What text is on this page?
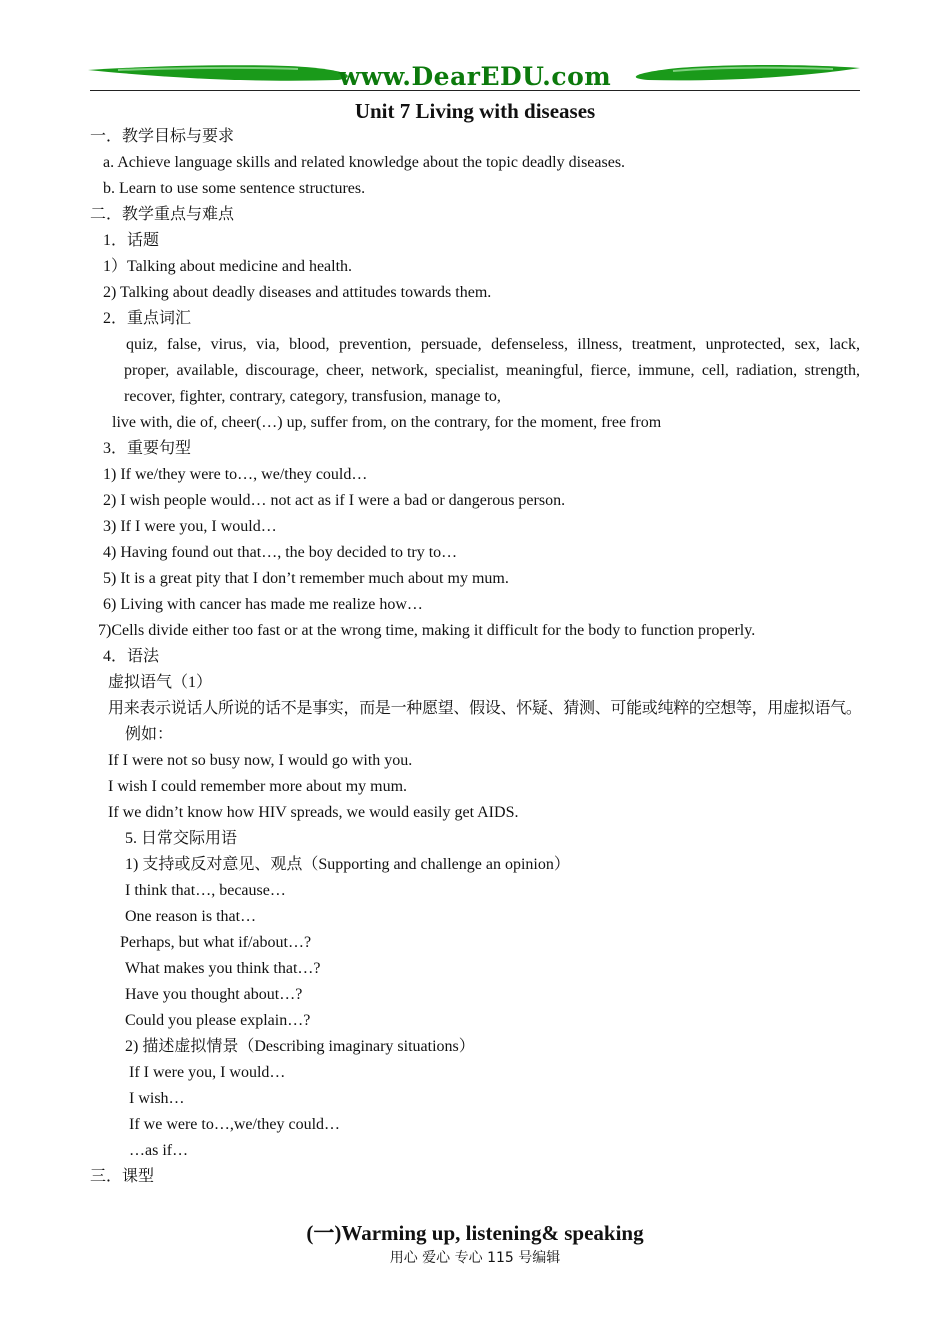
www.DearEDU.com
Unit 7 Living with diseases
一．教学目标与要求
a. Achieve language skills and related knowledge about the topic deadly diseases.
b. Learn to use some sentence structures.
二．教学重点与难点
1．话题
1）Talking about medicine and health.
2) Talking about deadly diseases and attitudes towards them.
2．重点词汇
quiz, false, virus, via, blood, prevention, persuade, defenseless, illness, treatment, unprotected, sex, lack,
proper, available, discourage, cheer, network, specialist, meaningful, fierce, immune, cell, radiation, strength,
recover, fighter, contrary, category, transfusion, manage to,
live with, die of, cheer(…) up, suffer from, on the contrary, for the moment, free from
3．重要句型
1) If we/they were to…, we/they could…
2) I wish people would… not act as if I were a bad or dangerous person.
3) If I were you, I would…
4) Having found out that…, the boy decided to try to…
5) It is a great pity that I don’t remember much about my mum.
6) Living with cancer has made me realize how…
7)Cells divide either too fast or at the wrong time, making it difficult for the body to function properly.
4．语法
虚拟语气（1）
用来表示说话人所说的话不是事实，而是一种愿望、假设、怀疑、猜测、可能或纯粹的空想等，用虚拟语气。
例如：
If I were not so busy now, I would go with you.
I wish I could remember more about my mum.
If we didn’t know how HIV spreads, we would easily get AIDS.
5. 日常交际用语
1) 支持或反对意见、观点（Supporting and challenge an opinion）
I think that…, because…
One reason is that…
Perhaps, but what if/about…?
What makes you think that…?
Have you thought about…?
Could you please explain…?
2) 描述虚拟情景（Describing imaginary situations）
If I were you, I would…
I wish…
If we were to…,we/they could…
…as if…
三．课型
(一)Warming up, listening& speaking
用心 爱心 专心 115 号编辑
